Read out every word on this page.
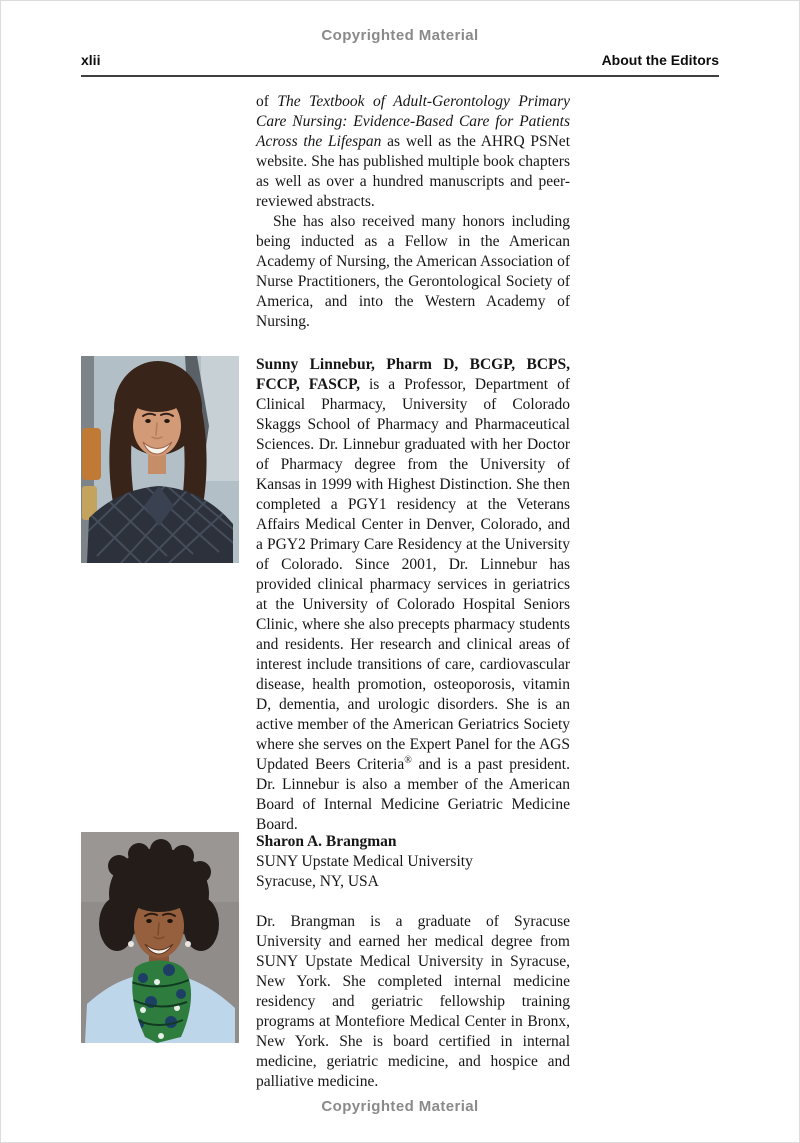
Copyrighted Material
xlii	About the Editors

of The Textbook of Adult-Gerontology Primary Care Nursing: Evidence-Based Care for Patients Across the Lifespan as well as the AHRQ PSNet website. She has published multiple book chapters as well as over a hundred manuscripts and peer-reviewed abstracts.

She has also received many honors including being inducted as a Fellow in the American Academy of Nursing, the American Association of Nurse Practitioners, the Gerontological Society of America, and into the Western Academy of Nursing.

Sunny Linnebur, Pharm D, BCGP, BCPS, FCCP, FASCP, is a Professor, Department of Clinical Pharmacy, University of Colorado Skaggs School of Pharmacy and Pharmaceutical Sciences. Dr. Linnebur graduated with her Doctor of Pharmacy degree from the University of Kansas in 1999 with Highest Distinction. She then completed a PGY1 residency at the Veterans Affairs Medical Center in Denver, Colorado, and a PGY2 Primary Care Residency at the University of Colorado. Since 2001, Dr. Linnebur has provided clinical pharmacy services in geriatrics at the University of Colorado Hospital Seniors Clinic, where she also precepts pharmacy students and residents. Her research and clinical areas of interest include transitions of care, cardiovascular disease, health promotion, osteoporosis, vitamin D, dementia, and urologic disorders. She is an active member of the American Geriatrics Society where she serves on the Expert Panel for the AGS Updated Beers Criteria® and is a past president. Dr. Linnebur is also a member of the American Board of Internal Medicine Geriatric Medicine Board.

Sharon A. Brangman
SUNY Upstate Medical University
Syracuse, NY, USA

Dr. Brangman is a graduate of Syracuse University and earned her medical degree from SUNY Upstate Medical University in Syracuse, New York. She completed internal medicine residency and geriatric fellowship training programs at Montefiore Medical Center in Bronx, New York. She is board certified in internal medicine, geriatric medicine, and hospice and palliative medicine.

Copyrighted Material
